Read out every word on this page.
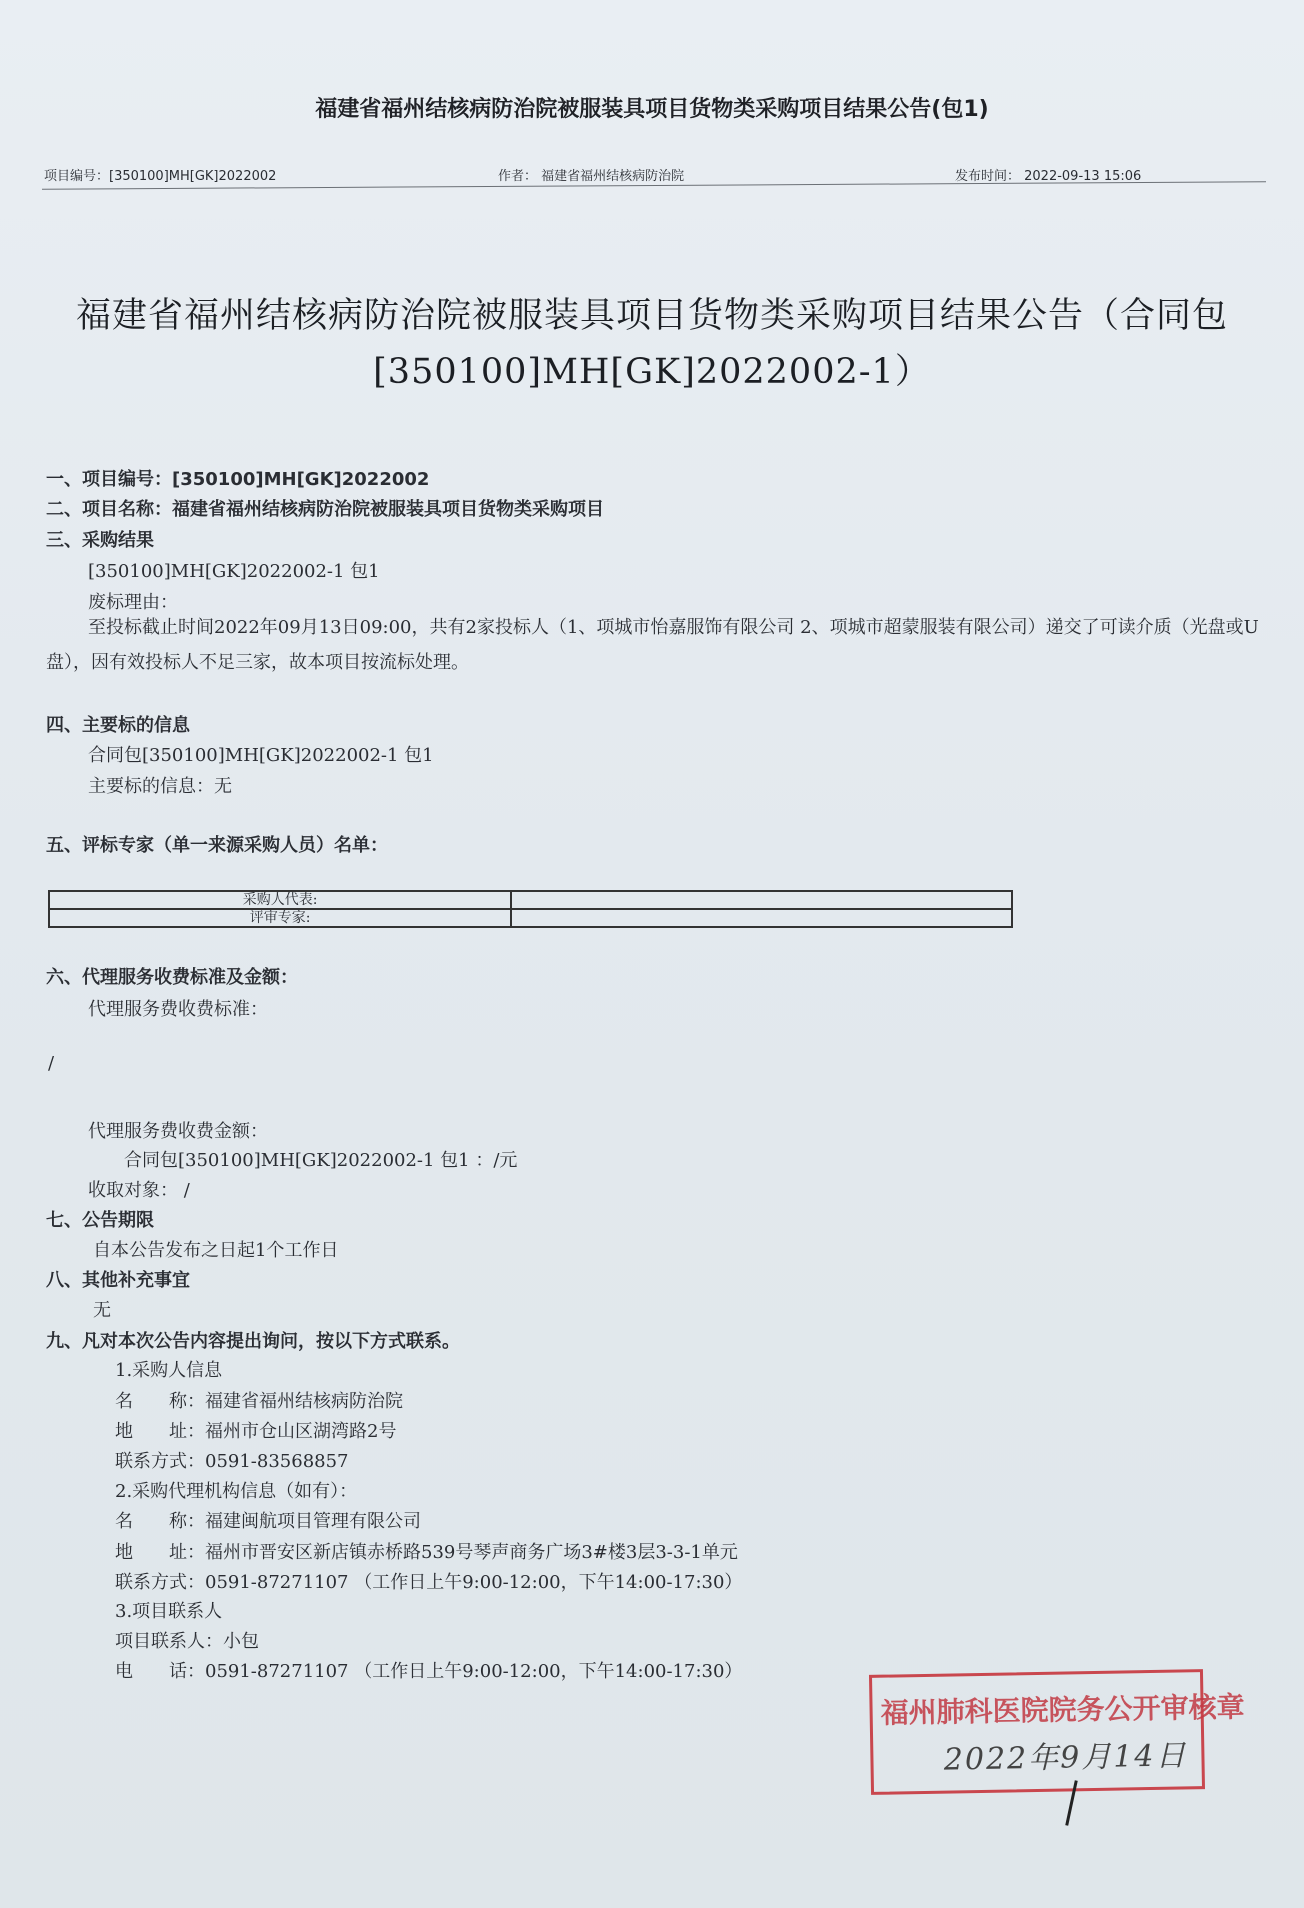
福建省福州结核病防治院被服装具项目货物类采购项目结果公告(包1)
项目编号：[350100]MH[GK]2022002	作者： 福建省福州结核病防治院	发布时间： 2022-09-13 15:06
福建省福州结核病防治院被服装具项目货物类采购项目结果公告（合同包
[350100]MH[GK]2022002-1）
一、项目编号：[350100]MH[GK]2022002
二、项目名称：福建省福州结核病防治院被服装具项目货物类采购项目
三、采购结果
[350100]MH[GK]2022002-1 包1
废标理由：
至投标截止时间2022年09月13日09:00，共有2家投标人（1、项城市怡嘉服饰有限公司 2、项城市超蒙服装有限公司）递交了可读介质（光盘或U盘），因有效投标人不足三家，故本项目按流标处理。
四、主要标的信息
合同包[350100]MH[GK]2022002-1 包1
主要标的信息：无
五、评标专家（单一来源采购人员）名单：
采购人代表:	
评审专家:	
六、代理服务收费标准及金额：
代理服务费收费标准：
/
代理服务费收费金额：
合同包[350100]MH[GK]2022002-1 包1 ：/元
收取对象： /
七、公告期限
自本公告发布之日起1个工作日
八、其他补充事宜
无
九、凡对本次公告内容提出询问，按以下方式联系。
1.采购人信息
名　　称：福建省福州结核病防治院
地　　址：福州市仓山区湖湾路2号
联系方式：0591-83568857
2.采购代理机构信息（如有）：
名　　称：福建闽航项目管理有限公司
地　　址：福州市晋安区新店镇赤桥路539号琴声商务广场3#楼3层3-3-1单元
联系方式：0591-87271107 （工作日上午9:00-12:00，下午14:00-17:30）
3.项目联系人
项目联系人：小包
电　　话：0591-87271107 （工作日上午9:00-12:00，下午14:00-17:30）
福州肺科医院院务公开审核章
2022年9月14日
